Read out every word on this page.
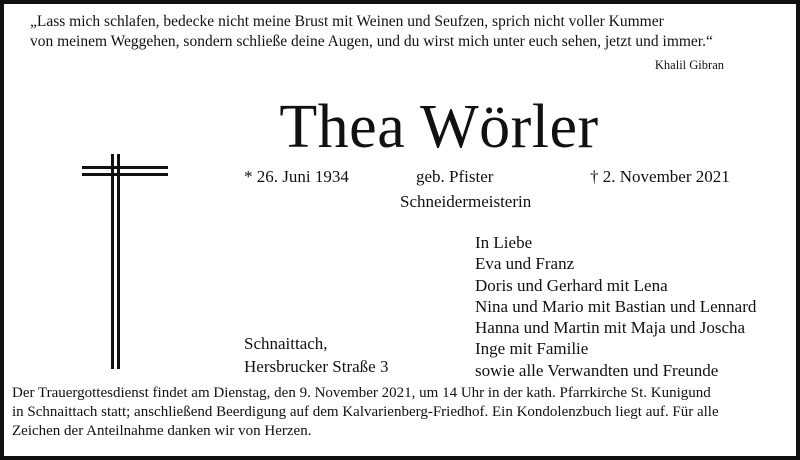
„Lass mich schlafen, bedecke nicht meine Brust mit Weinen und Seufzen, sprich nicht voller Kummer
von meinem Weggehen, sondern schließe deine Augen, und du wirst mich unter euch sehen, jetzt und immer.“
Khalil Gibran
Thea Wörler
* 26. Juni 1934	geb. Pfister	† 2. November 2021
Schneidermeisterin
In Liebe
Eva und Franz
Doris und Gerhard mit Lena
Nina und Mario mit Bastian und Lennard
Hanna und Martin mit Maja und Joscha
Inge mit Familie
sowie alle Verwandten und Freunde
Schnaittach,
Hersbrucker Straße 3
Der Trauergottesdienst findet am Dienstag, den 9. November 2021, um 14 Uhr in der kath. Pfarrkirche St. Kunigund
in Schnaittach statt; anschließend Beerdigung auf dem Kalvarienberg-Friedhof. Ein Kondolenzbuch liegt auf. Für alle
Zeichen der Anteilnahme danken wir von Herzen.
